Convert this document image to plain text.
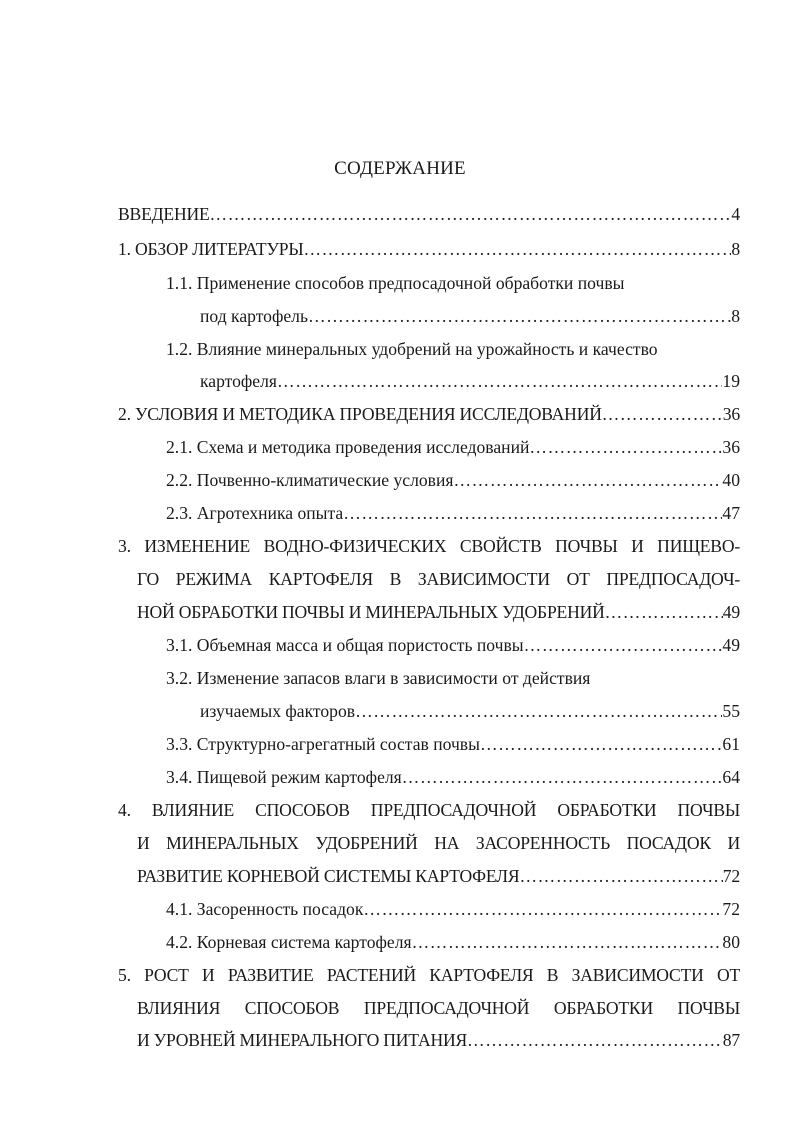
СОДЕРЖАНИЕ
ВВЕДЕНИЕ ……………………………………………………………………………………………………………………………………………………	4
1. ОБЗОР ЛИТЕРАТУРЫ ……………………………………………………………………………………………………………………………………………………	8
1.1. Применение способов предпосадочной обработки почвы
под картофель ……………………………………………………………………………………………………………………………………………………	8
1.2. Влияние минеральных удобрений на урожайность и качество
картофеля ……………………………………………………………………………………………………………………………………………………	19
2. УСЛОВИЯ И МЕТОДИКА ПРОВЕДЕНИЯ ИССЛЕДОВАНИЙ ……………………………………………………………………………………………………………………………………………………	36
2.1. Схема и методика проведения исследований ……………………………………………………………………………………………………………………………………………………	36
2.2. Почвенно-климатические условия ……………………………………………………………………………………………………………………………………………………	40
2.3. Агротехника опыта ……………………………………………………………………………………………………………………………………………………	47
3. ИЗМЕНЕНИЕ ВОДНО-ФИЗИЧЕСКИХ СВОЙСТВ ПОЧВЫ И ПИЩЕВО-
ГО РЕЖИМА КАРТОФЕЛЯ В ЗАВИСИМОСТИ ОТ ПРЕДПОСАДОЧ-
НОЙ ОБРАБОТКИ ПОЧВЫ И МИНЕРАЛЬНЫХ УДОБРЕНИЙ ……………………………………………………………………………………………………………………………………………………	49
3.1. Объемная масса и общая пористость почвы ……………………………………………………………………………………………………………………………………………………	49
3.2. Изменение запасов влаги в зависимости от действия
изучаемых факторов ……………………………………………………………………………………………………………………………………………………	55
3.3. Структурно-агрегатный состав почвы ……………………………………………………………………………………………………………………………………………………	61
3.4. Пищевой режим картофеля ……………………………………………………………………………………………………………………………………………………	64
4. ВЛИЯНИЕ СПОСОБОВ ПРЕДПОСАДОЧНОЙ ОБРАБОТКИ ПОЧВЫ
И МИНЕРАЛЬНЫХ УДОБРЕНИЙ НА ЗАСОРЕННОСТЬ ПОСАДОК И
РАЗВИТИЕ КОРНЕВОЙ СИСТЕМЫ КАРТОФЕЛЯ ……………………………………………………………………………………………………………………………………………………	72
4.1. Засоренность посадок ……………………………………………………………………………………………………………………………………………………	72
4.2. Корневая система картофеля ……………………………………………………………………………………………………………………………………………………	80
5. РОСТ И РАЗВИТИЕ РАСТЕНИЙ КАРТОФЕЛЯ В ЗАВИСИМОСТИ ОТ
ВЛИЯНИЯ СПОСОБОВ ПРЕДПОСАДОЧНОЙ ОБРАБОТКИ ПОЧВЫ
И УРОВНЕЙ МИНЕРАЛЬНОГО ПИТАНИЯ ……………………………………………………………………………………………………………………………………………………	87
